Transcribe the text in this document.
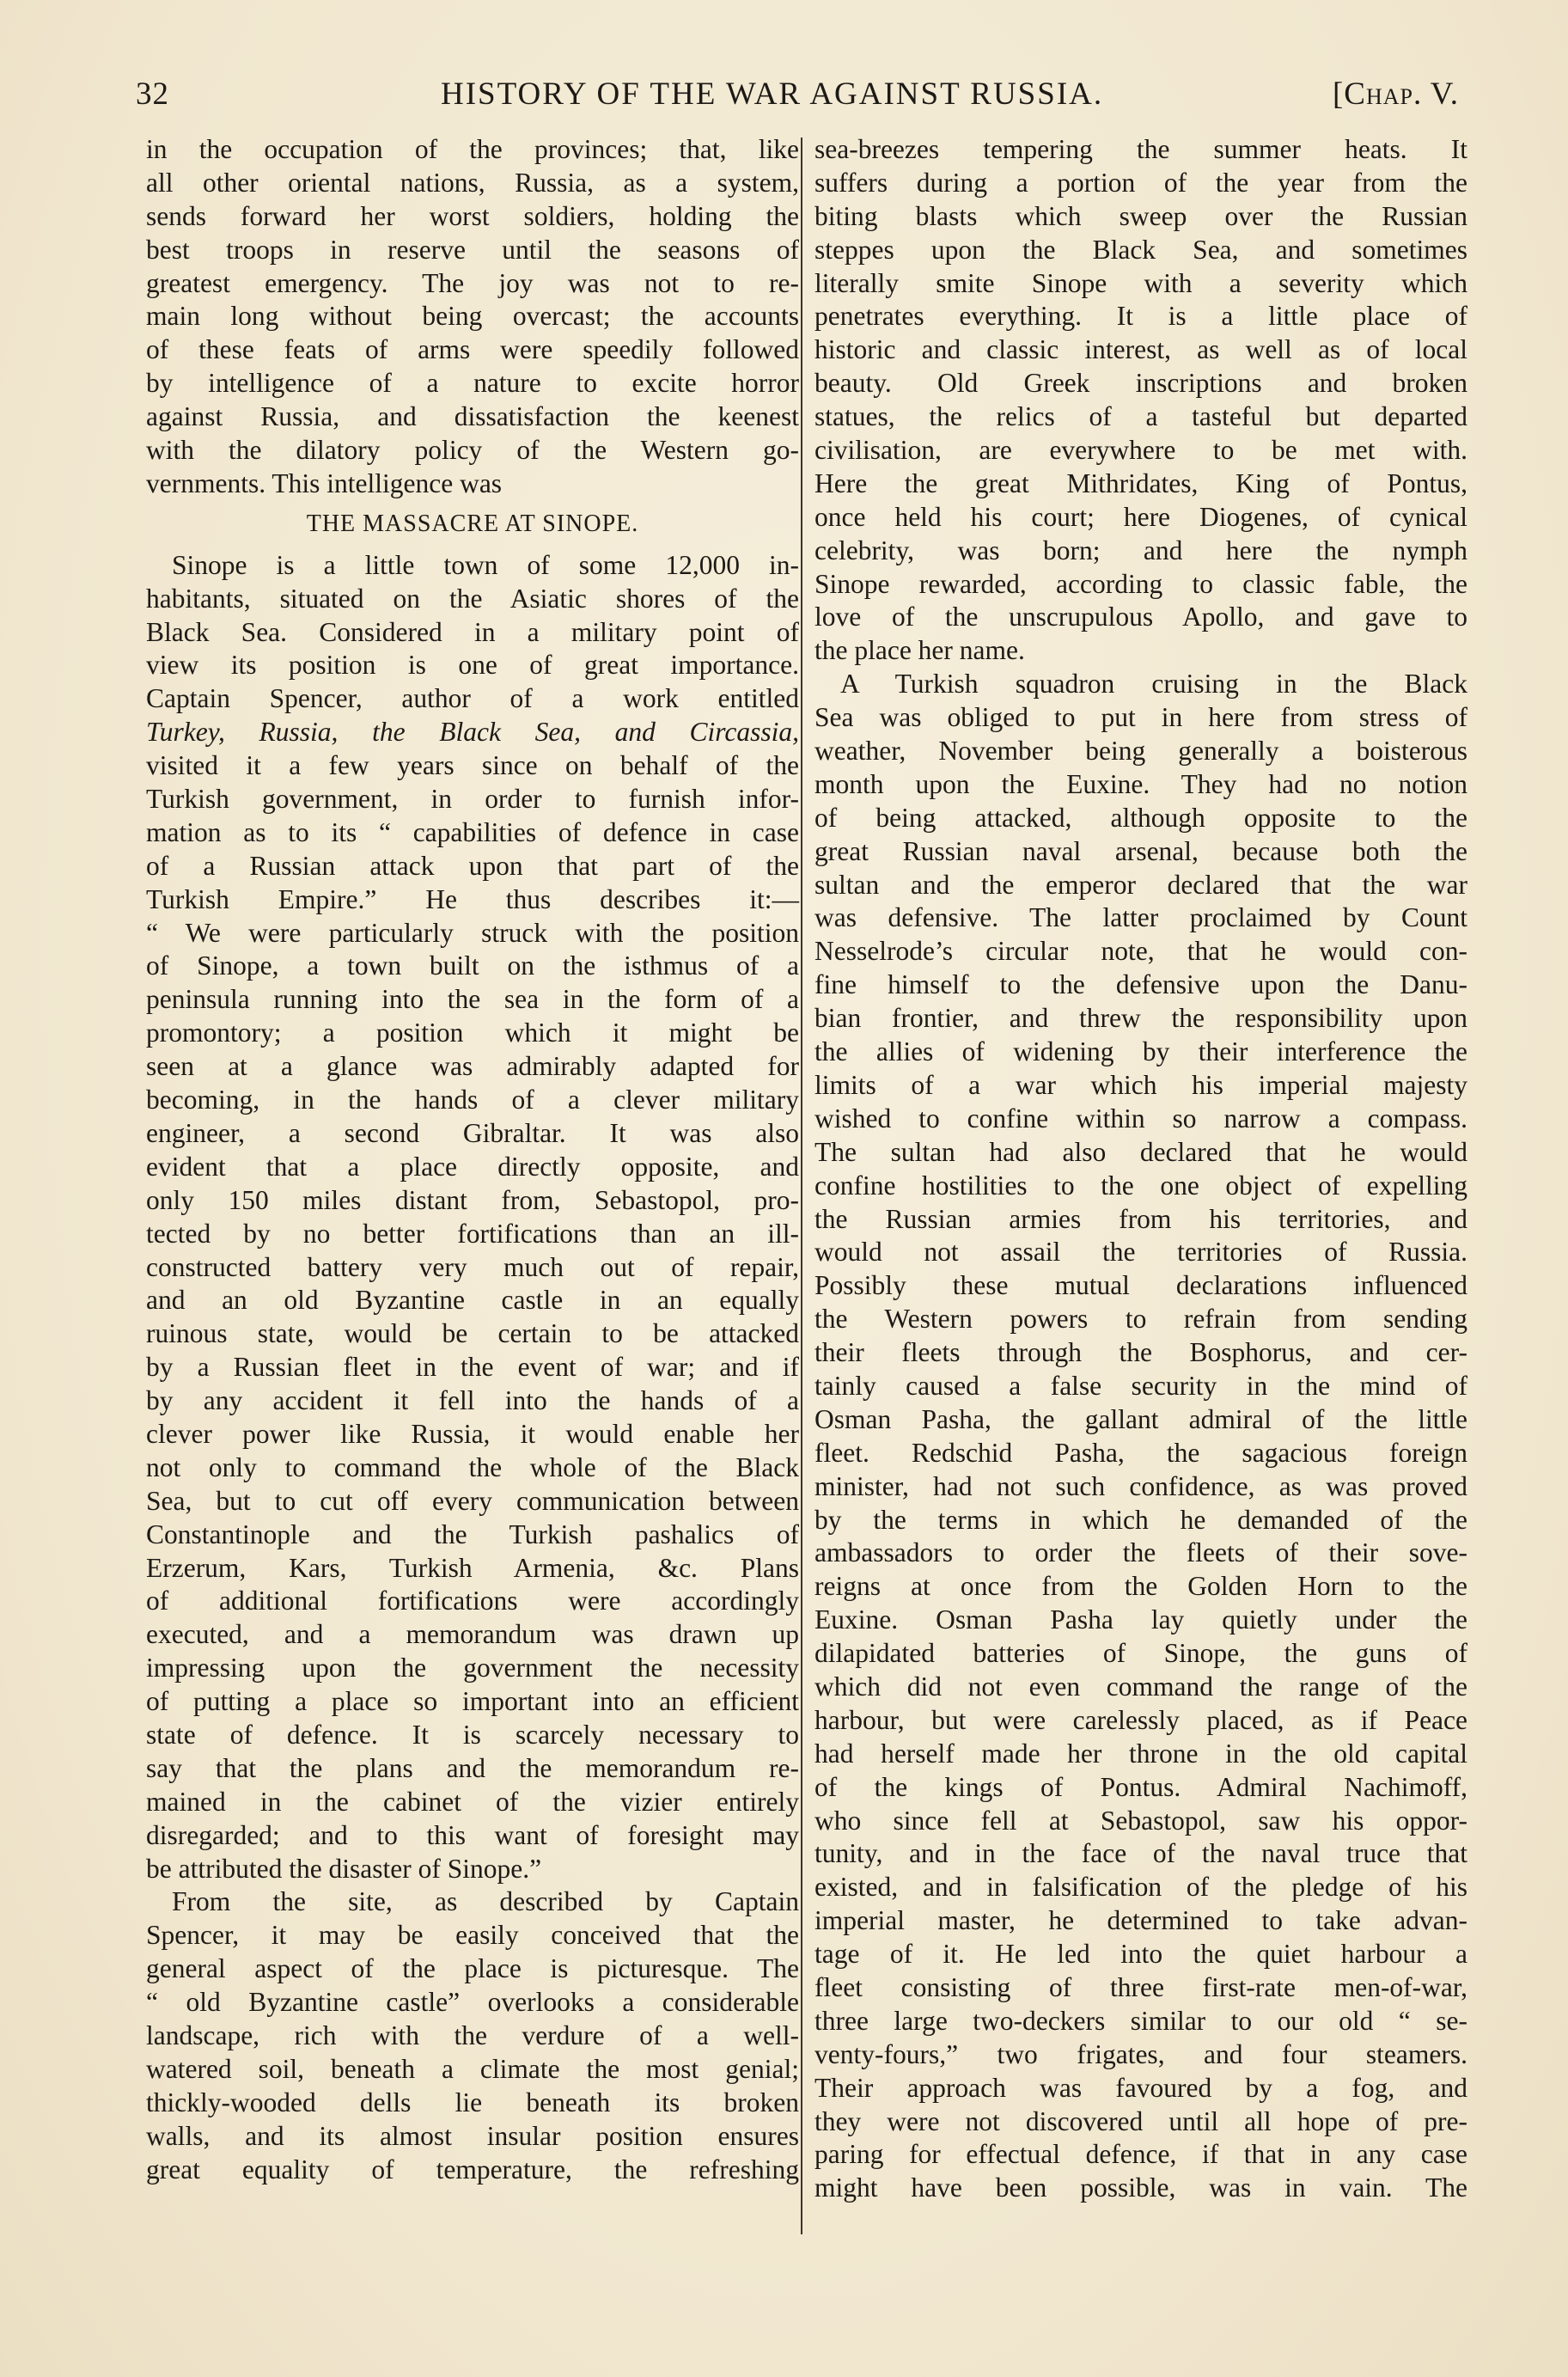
32	HISTORY OF THE WAR AGAINST RUSSIA.	[Chap. V.
in the occupation of the provinces; that, like
all other oriental nations, Russia, as a system,
sends forward her worst soldiers, holding the
best troops in reserve until the seasons of
greatest emergency. The joy was not to re-
main long without being overcast; the accounts
of these feats of arms were speedily followed
by intelligence of a nature to excite horror
against Russia, and dissatisfaction the keenest
with the dilatory policy of the Western go-
vernments. This intelligence was
THE MASSACRE AT SINOPE.
Sinope is a little town of some 12,000 in-
habitants, situated on the Asiatic shores of the
Black Sea. Considered in a military point of
view its position is one of great importance.
Captain Spencer, author of a work entitled
Turkey, Russia, the Black Sea, and Circassia,
visited it a few years since on behalf of the
Turkish government, in order to furnish infor-
mation as to its “ capabilities of defence in case
of a Russian attack upon that part of the
Turkish Empire.” He thus describes it:—
“ We were particularly struck with the position
of Sinope, a town built on the isthmus of a
peninsula running into the sea in the form of a
promontory; a position which it might be
seen at a glance was admirably adapted for
becoming, in the hands of a clever military
engineer, a second Gibraltar. It was also
evident that a place directly opposite, and
only 150 miles distant from, Sebastopol, pro-
tected by no better fortifications than an ill-
constructed battery very much out of repair,
and an old Byzantine castle in an equally
ruinous state, would be certain to be attacked
by a Russian fleet in the event of war; and if
by any accident it fell into the hands of a
clever power like Russia, it would enable her
not only to command the whole of the Black
Sea, but to cut off every communication between
Constantinople and the Turkish pashalics of
Erzerum, Kars, Turkish Armenia, &c. Plans
of additional fortifications were accordingly
executed, and a memorandum was drawn up
impressing upon the government the necessity
of putting a place so important into an efficient
state of defence. It is scarcely necessary to
say that the plans and the memorandum re-
mained in the cabinet of the vizier entirely
disregarded; and to this want of foresight may
be attributed the disaster of Sinope.”
From the site, as described by Captain
Spencer, it may be easily conceived that the
general aspect of the place is picturesque. The
“ old Byzantine castle” overlooks a considerable
landscape, rich with the verdure of a well-
watered soil, beneath a climate the most genial;
thickly-wooded dells lie beneath its broken
walls, and its almost insular position ensures
great equality of temperature, the refreshing
sea-breezes tempering the summer heats. It
suffers during a portion of the year from the
biting blasts which sweep over the Russian
steppes upon the Black Sea, and sometimes
literally smite Sinope with a severity which
penetrates everything. It is a little place of
historic and classic interest, as well as of local
beauty. Old Greek inscriptions and broken
statues, the relics of a tasteful but departed
civilisation, are everywhere to be met with.
Here the great Mithridates, King of Pontus,
once held his court; here Diogenes, of cynical
celebrity, was born; and here the nymph
Sinope rewarded, according to classic fable, the
love of the unscrupulous Apollo, and gave to
the place her name.
A Turkish squadron cruising in the Black
Sea was obliged to put in here from stress of
weather, November being generally a boisterous
month upon the Euxine. They had no notion
of being attacked, although opposite to the
great Russian naval arsenal, because both the
sultan and the emperor declared that the war
was defensive. The latter proclaimed by Count
Nesselrode’s circular note, that he would con-
fine himself to the defensive upon the Danu-
bian frontier, and threw the responsibility upon
the allies of widening by their interference the
limits of a war which his imperial majesty
wished to confine within so narrow a compass.
The sultan had also declared that he would
confine hostilities to the one object of expelling
the Russian armies from his territories, and
would not assail the territories of Russia.
Possibly these mutual declarations influenced
the Western powers to refrain from sending
their fleets through the Bosphorus, and cer-
tainly caused a false security in the mind of
Osman Pasha, the gallant admiral of the little
fleet. Redschid Pasha, the sagacious foreign
minister, had not such confidence, as was proved
by the terms in which he demanded of the
ambassadors to order the fleets of their sove-
reigns at once from the Golden Horn to the
Euxine. Osman Pasha lay quietly under the
dilapidated batteries of Sinope, the guns of
which did not even command the range of the
harbour, but were carelessly placed, as if Peace
had herself made her throne in the old capital
of the kings of Pontus. Admiral Nachimoff,
who since fell at Sebastopol, saw his oppor-
tunity, and in the face of the naval truce that
existed, and in falsification of the pledge of his
imperial master, he determined to take advan-
tage of it. He led into the quiet harbour a
fleet consisting of three first-rate men-of-war,
three large two-deckers similar to our old “ se-
venty-fours,” two frigates, and four steamers.
Their approach was favoured by a fog, and
they were not discovered until all hope of pre-
paring for effectual defence, if that in any case
might have been possible, was in vain. The
